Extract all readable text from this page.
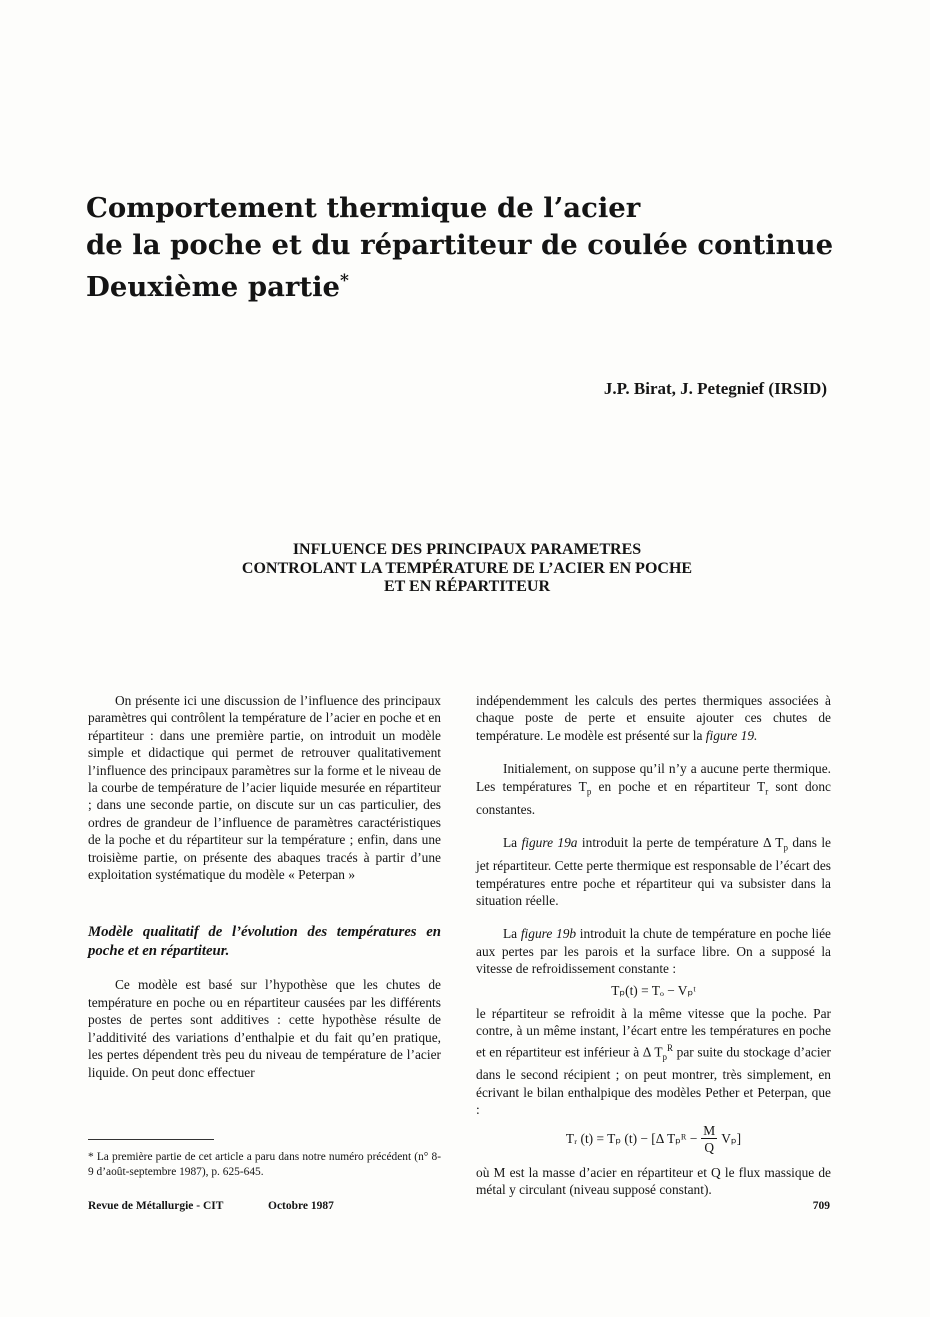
Comportement thermique de l’acier
de la poche et du répartiteur de coulée continue
Deuxième partie*
J.P. Birat, J. Petegnief (IRSID)
INFLUENCE DES PRINCIPAUX PARAMETRES
CONTROLANT LA TEMPÉRATURE DE L’ACIER EN POCHE
ET EN RÉPARTITEUR

On présente ici une discussion de l’influence des principaux paramètres qui contrôlent la température de l’acier en poche et en répartiteur : dans une première partie, on introduit un modèle simple et didactique qui permet de retrouver qualitativement l’influence des principaux paramètres sur la forme et le niveau de la courbe de température de l’acier liquide mesurée en répartiteur ; dans une seconde partie, on discute sur un cas particulier, des ordres de grandeur de l’influence de paramètres caractéristiques de la poche et du répartiteur sur la température ; enfin, dans une troisième partie, on présente des abaques tracés à partir d’une exploitation systématique du modèle « Peterpan »

Modèle qualitatif de l’évolution des températures en poche et en répartiteur.

Ce modèle est basé sur l’hypothèse que les chutes de température en poche ou en répartiteur causées par les différents postes de pertes sont additives : cette hypothèse résulte de l’additivité des variations d’enthalpie et du fait qu’en pratique, les pertes dépendent très peu du niveau de température de l’acier liquide. On peut donc effectuer

indépendemment les calculs des pertes thermiques associées à chaque poste de perte et ensuite ajouter ces chutes de température. Le modèle est présenté sur la figure 19.

Initialement, on suppose qu’il n’y a aucune perte thermique. Les températures $T_p$ en poche et en répartiteur $T_r$ sont donc constantes.

La figure 19a introduit la perte de température Δ $T_p$ dans le jet répartiteur. Cette perte thermique est responsable de l’écart des températures entre poche et répartiteur qui va subsister dans la situation réelle.

La figure 19b introduit la chute de température en poche liée aux pertes par les parois et la surface libre. On a supposé la vitesse de refroidissement constante :

Tₚ(t) = Tₒ − Vₚᵗ

le répartiteur se refroidit à la même vitesse que la poche. Par contre, à un même instant, l’écart entre les températures en poche et en répartiteur est inférieur à Δ $T_p^R$ par suite du stockage d’acier dans le second récipient ; on peut montrer, très simplement, en écrivant le bilan enthalpique des modèles Pether et Peterpan, que :

Tᵣ (t) = Tₚ (t) − [Δ Tₚᴿ − $\frac{M}{Q} V_p$]

où M est la masse d’acier en répartiteur et Q le flux massique de métal y circulant (niveau supposé constant).

* La première partie de cet article a paru dans notre numéro précédent (n° 8-9 d’août-septembre 1987), p. 625-645.
Revue de Métallurgie - CIT	Octobre 1987	709
